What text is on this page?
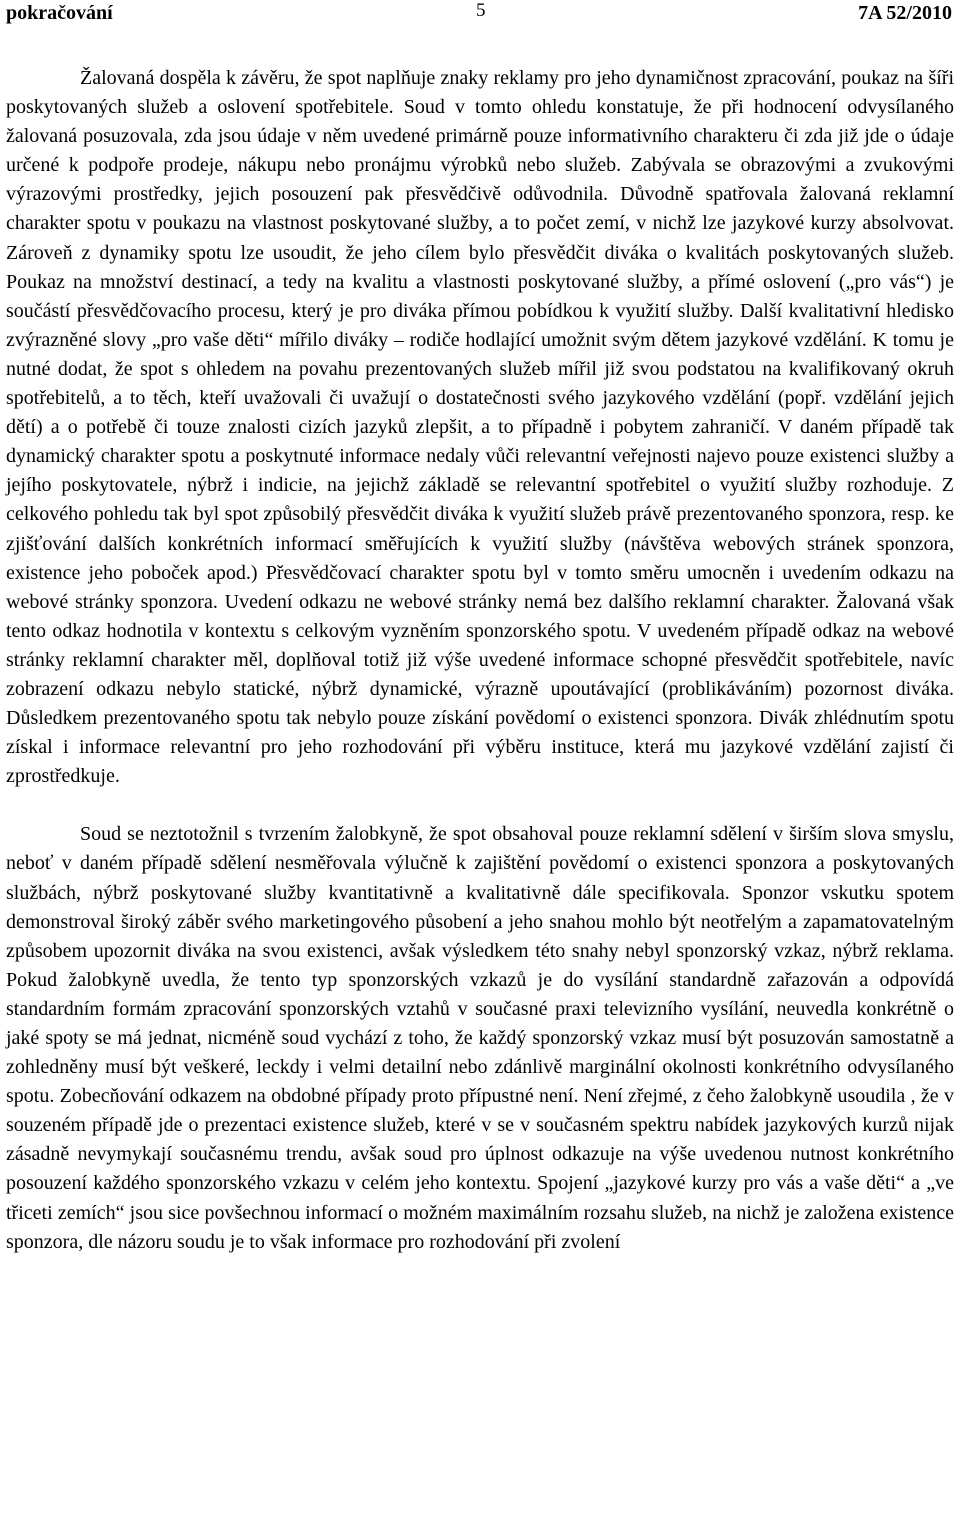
pokračování	5	7A 52/2010

Žalovaná dospěla k závěru, že spot naplňuje znaky reklamy pro jeho dynamičnost zpracování, poukaz na šíři poskytovaných služeb a oslovení spotřebitele. Soud v tomto ohledu konstatuje, že při hodnocení odvysílaného žalovaná posuzovala, zda jsou údaje v něm uvedené primárně pouze informativního charakteru či zda již jde o údaje určené k podpoře prodeje, nákupu nebo pronájmu výrobků nebo služeb. Zabývala se obrazovými a zvukovými výrazovými prostředky, jejich posouzení pak přesvědčivě odůvodnila. Důvodně spatřovala žalovaná reklamní charakter spotu v poukazu na vlastnost poskytované služby, a to počet zemí, v nichž lze jazykové kurzy absolvovat. Zároveň z dynamiky spotu lze usoudit, že jeho cílem bylo přesvědčit diváka o kvalitách poskytovaných služeb. Poukaz na množství destinací, a tedy na kvalitu a vlastnosti poskytované služby, a přímé oslovení („pro vás“) je součástí přesvědčovacího procesu, který je pro diváka přímou pobídkou k využití služby. Další kvalitativní hledisko zvýrazněné slovy „pro vaše děti“ mířilo diváky – rodiče hodlající umožnit svým dětem jazykové vzdělání. K tomu je nutné dodat, že spot s ohledem na povahu prezentovaných služeb mířil již svou podstatou na kvalifikovaný okruh spotřebitelů, a to těch, kteří uvažovali či uvažují o dostatečnosti svého jazykového vzdělání (popř. vzdělání jejich dětí) a o potřebě či touze znalosti cizích jazyků zlepšit, a to případně i pobytem zahraničí. V daném případě tak dynamický charakter spotu a poskytnuté informace nedaly vůči relevantní veřejnosti najevo pouze existenci služby a jejího poskytovatele, nýbrž i indicie, na jejichž základě se relevantní spotřebitel o využití služby rozhoduje. Z celkového pohledu tak byl spot způsobilý přesvědčit diváka k využití služeb právě prezentovaného sponzora, resp. ke zjišťování dalších konkrétních informací směřujících k využití služby (návštěva webových stránek sponzora, existence jeho poboček apod.) Přesvědčovací charakter spotu byl v tomto směru umocněn i uvedením odkazu na webové stránky sponzora. Uvedení odkazu ne webové stránky nemá bez dalšího reklamní charakter. Žalovaná však tento odkaz hodnotila v kontextu s celkovým vyzněním sponzorského spotu. V uvedeném případě odkaz na webové stránky reklamní charakter měl, doplňoval totiž již výše uvedené informace schopné přesvědčit spotřebitele, navíc zobrazení odkazu nebylo statické, nýbrž dynamické, výrazně upoutávající (problikáváním) pozornost diváka. Důsledkem prezentovaného spotu tak nebylo pouze získání povědomí o existenci sponzora. Divák zhlédnutím spotu získal i informace relevantní pro jeho rozhodování při výběru instituce, která mu jazykové vzdělání zajistí či zprostředkuje.

Soud se neztotožnil s tvrzením žalobkyně, že spot obsahoval pouze reklamní sdělení v širším slova smyslu, neboť v daném případě sdělení nesměřovala výlučně k zajištění povědomí o existenci sponzora a poskytovaných službách, nýbrž poskytované služby kvantitativně a kvalitativně dále specifikovala. Sponzor vskutku spotem demonstroval široký záběr svého marketingového působení a jeho snahou mohlo být neotřelým a zapamatovatelným způsobem upozornit diváka na svou existenci, avšak výsledkem této snahy nebyl sponzorský vzkaz, nýbrž reklama. Pokud žalobkyně uvedla, že tento typ sponzorských vzkazů je do vysílání standardně zařazován a odpovídá standardním formám zpracování sponzorských vztahů v současné praxi televizního vysílání, neuvedla konkrétně o jaké spoty se má jednat, nicméně soud vychází z toho, že každý sponzorský vzkaz musí být posuzován samostatně a zohledněny musí být veškeré, leckdy i velmi detailní nebo zdánlivě marginální okolnosti konkrétního odvysílaného spotu. Zobecňování odkazem na obdobné případy proto přípustné není. Není zřejmé, z čeho žalobkyně usoudila , že v souzeném případě jde o prezentaci existence služeb, které v se v současném spektru nabídek jazykových kurzů nijak zásadně nevymykají současnému trendu, avšak soud pro úplnost odkazuje na výše uvedenou nutnost konkrétního posouzení každého sponzorského vzkazu v celém jeho kontextu. Spojení „jazykové kurzy pro vás a vaše děti“ a „ve třiceti zemích“ jsou sice povšechnou informací o možném maximálním rozsahu služeb, na nichž je založena existence sponzora, dle názoru soudu je to však informace pro rozhodování při zvolení
